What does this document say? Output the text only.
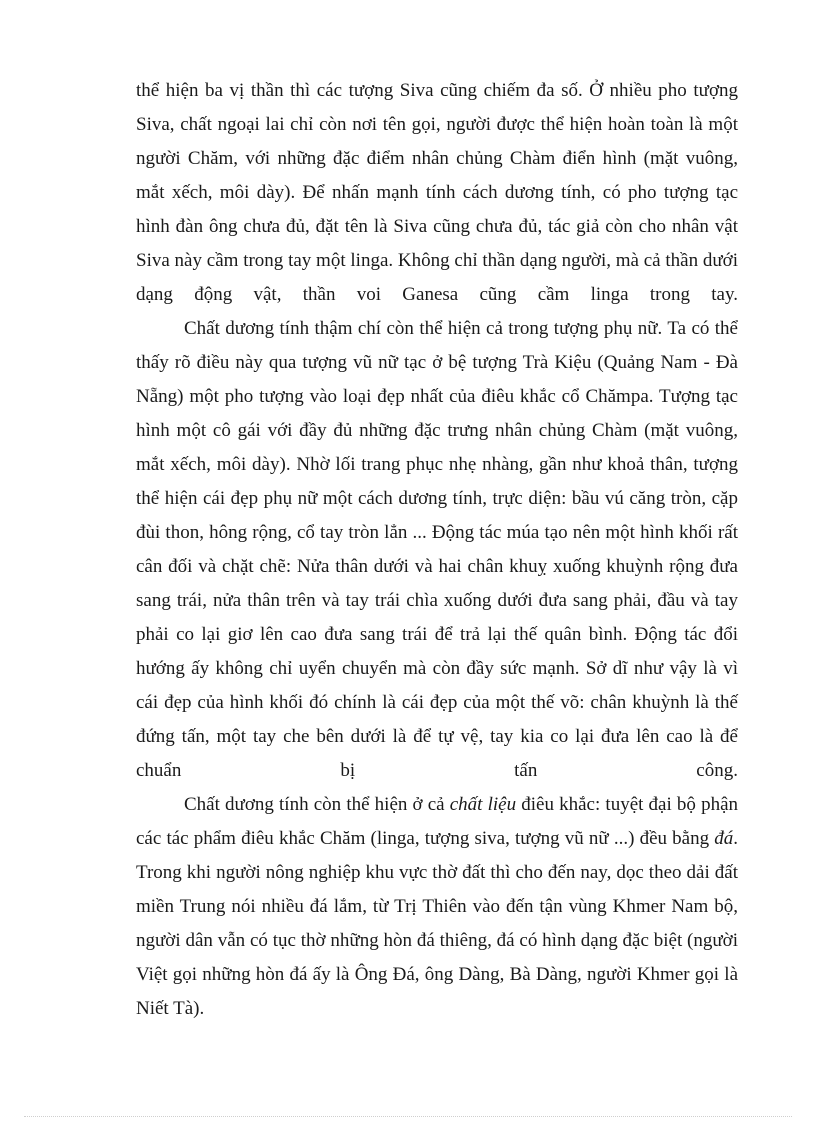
thể hiện ba vị thần thì các tượng Siva cũng chiếm đa số. Ở nhiều pho tượng Siva, chất ngoại lai chỉ còn nơi tên gọi, người được thể hiện hoàn toàn là một người Chăm, với những đặc điểm nhân chủng Chàm điển hình (mặt vuông, mắt xếch, môi dày). Để nhấn mạnh tính cách dương tính, có pho tượng tạc hình đàn ông chưa đủ, đặt tên là Siva cũng chưa đủ, tác giả còn cho nhân vật Siva này cầm trong tay một linga. Không chỉ thần dạng người, mà cả thần dưới dạng động vật, thần voi Ganesa cũng cầm linga trong tay.

Chất dương tính thậm chí còn thể hiện cả trong tượng phụ nữ. Ta có thể thấy rõ điều này qua tượng vũ nữ tạc ở bệ tượng Trà Kiệu (Quảng Nam - Đà Nẵng) một pho tượng vào loại đẹp nhất của điêu khắc cổ Chămpa. Tượng tạc hình một cô gái với đầy đủ những đặc trưng nhân chủng Chàm (mặt vuông, mắt xếch, môi dày). Nhờ lối trang phục nhẹ nhàng, gần như khoả thân, tượng thể hiện cái đẹp phụ nữ một cách dương tính, trực diện: bầu vú căng tròn, cặp đùi thon, hông rộng, cổ tay tròn lẳn ... Động tác múa tạo nên một hình khối rất cân đối và chặt chẽ: Nửa thân dưới và hai chân khuỵ xuống khuỳnh rộng đưa sang trái, nửa thân trên và tay trái chìa xuống dưới đưa sang phải, đầu và tay phải co lại giơ lên cao đưa sang trái để trả lại thế quân bình. Động tác đổi hướng ấy không chỉ uyển chuyển mà còn đầy sức mạnh. Sở dĩ như vậy là vì cái đẹp của hình khối đó chính là cái đẹp của một thế võ: chân khuỳnh là thế đứng tấn, một tay che bên dưới là để tự vệ, tay kia co lại đưa lên cao là để chuẩn bị tấn công.

Chất dương tính còn thể hiện ở cả chất liệu điêu khắc: tuyệt đại bộ phận các tác phẩm điêu khắc Chăm (linga, tượng siva, tượng vũ nữ ...) đều bằng đá. Trong khi người nông nghiệp khu vực thờ đất thì cho đến nay, dọc theo dải đất miền Trung nói nhiều đá lắm, từ Trị Thiên vào đến tận vùng Khmer Nam bộ, người dân vẫn có tục thờ những hòn đá thiêng, đá có hình dạng đặc biệt (người Việt gọi những hòn đá ấy là Ông Đá, ông Dàng, Bà Dàng, người Khmer gọi là Niết Tà).
